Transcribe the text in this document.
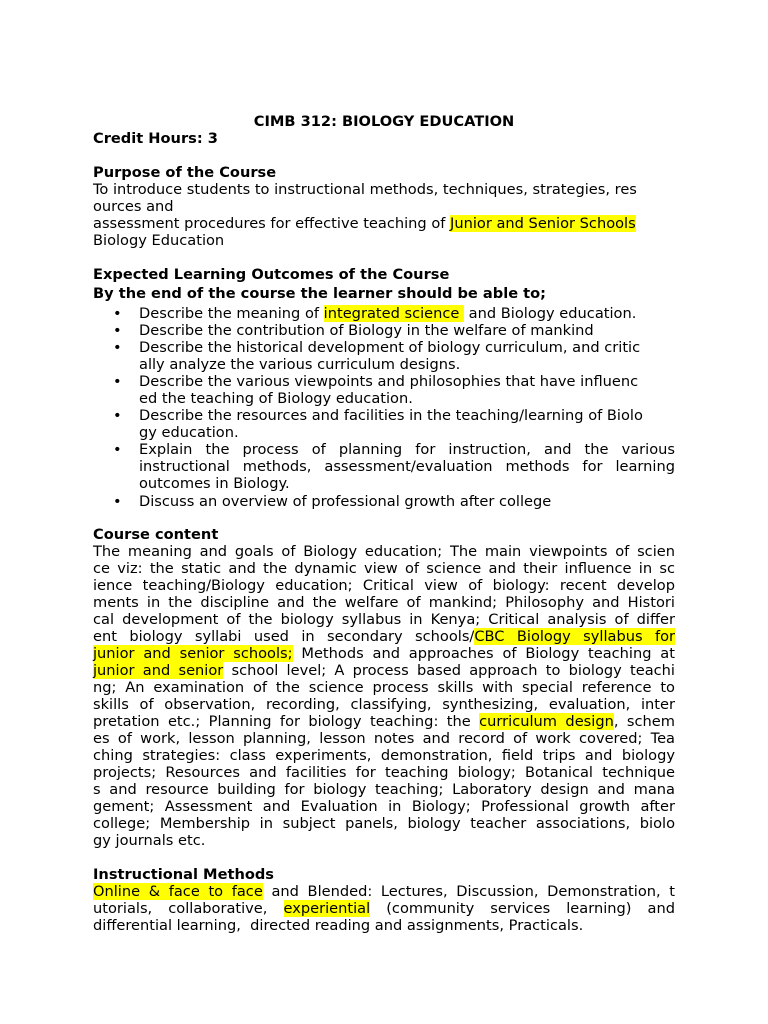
CIMB 312: BIOLOGY EDUCATION
Credit Hours: 3
Purpose of the Course
To introduce students to instructional methods, techniques, strategies, res
ources and
assessment procedures for effective teaching of Junior and Senior Schools
Biology Education
Expected Learning Outcomes of the Course
By the end of the course the learner should be able to;
• Describe the meaning of integrated science  and Biology education.
• Describe the contribution of Biology in the welfare of mankind
• Describe the historical development of biology curriculum, and critic
ally analyze the various curriculum designs.
• Describe the various viewpoints and philosophies that have influenc
ed the teaching of Biology education.
• Describe the resources and facilities in the teaching/learning of Biolo
gy education.
• Explain the process of planning for instruction, and the various
instructional methods, assessment/evaluation methods for learning
outcomes in Biology.
• Discuss an overview of professional growth after college
Course content
The meaning and goals of Biology education; The main viewpoints of scien
ce viz: the static and the dynamic view of science and their influence in sc
ience teaching/Biology education; Critical view of biology: recent develop
ments in the discipline and the welfare of mankind; Philosophy and Histori
cal development of the biology syllabus in Kenya; Critical analysis of differ
ent biology syllabi used in secondary schools/CBC Biology syllabus for
junior and senior schools; Methods and approaches of Biology teaching at
junior and senior school level; A process based approach to biology teachi
ng; An examination of the science process skills with special reference to
skills of observation, recording, classifying, synthesizing, evaluation, inter
pretation etc.; Planning for biology teaching: the curriculum design, schem
es of work, lesson planning, lesson notes and record of work covered; Tea
ching strategies: class experiments, demonstration, field trips and biology
projects; Resources and facilities for teaching biology; Botanical technique
s and resource building for biology teaching; Laboratory design and mana
gement; Assessment and Evaluation in Biology; Professional growth after
college; Membership in subject panels, biology teacher associations, biolo
gy journals etc.
Instructional Methods
Online & face to face and Blended: Lectures, Discussion, Demonstration, t
utorials, collaborative, experiential (community services learning) and
differential learning,  directed reading and assignments, Practicals.
